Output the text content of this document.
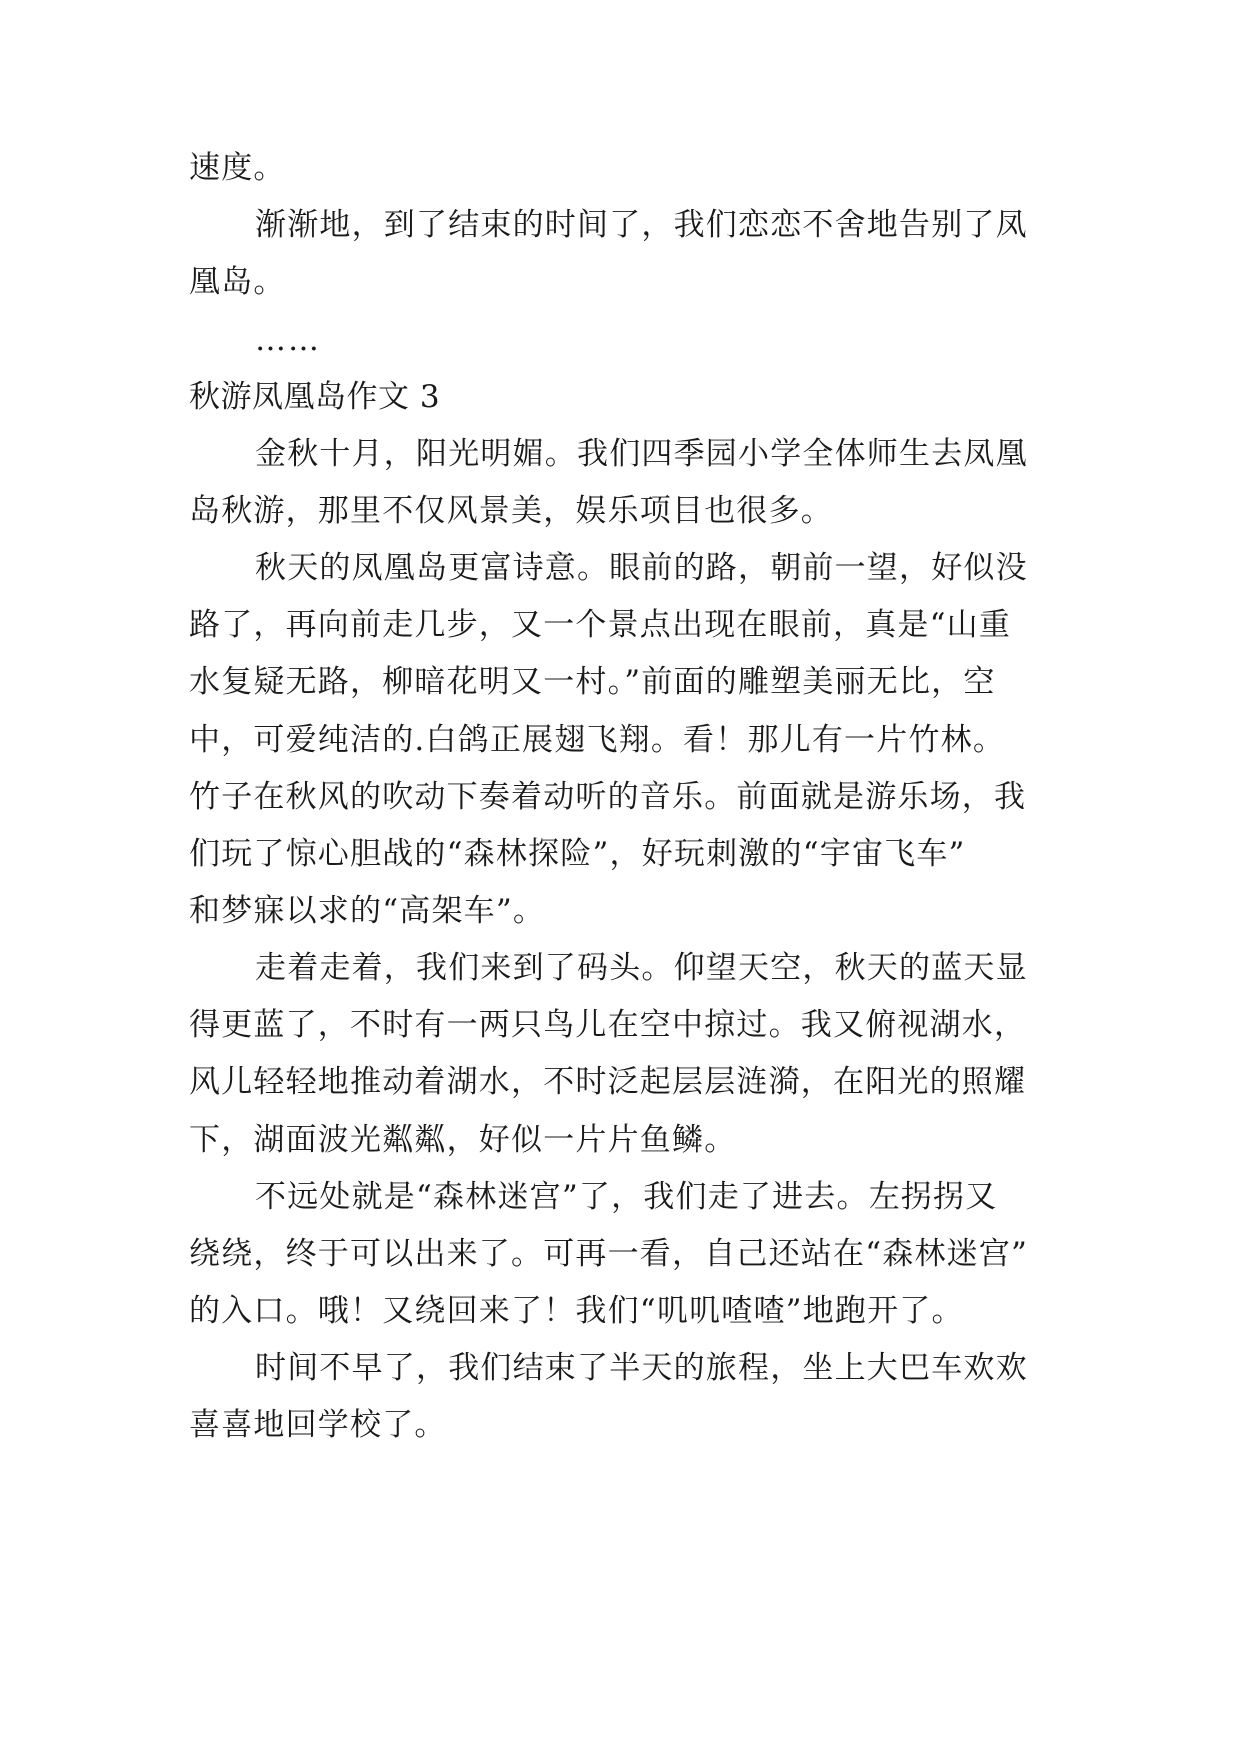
速度。
渐渐地，到了结束的时间了，我们恋恋不舍地告别了凤
凰岛。
……
秋游凤凰岛作文 3
金秋十月，阳光明媚。我们四季园小学全体师生去凤凰
岛秋游，那里不仅风景美，娱乐项目也很多。
秋天的凤凰岛更富诗意。眼前的路，朝前一望，好似没
路了，再向前走几步，又一个景点出现在眼前，真是“山重
水复疑无路，柳暗花明又一村。”前面的雕塑美丽无比，空
中，可爱纯洁的.白鸽正展翅飞翔。看！那儿有一片竹林。
竹子在秋风的吹动下奏着动听的音乐。前面就是游乐场，我
们玩了惊心胆战的“森林探险”，好玩刺激的“宇宙飞车”
和梦寐以求的“高架车”。
走着走着，我们来到了码头。仰望天空，秋天的蓝天显
得更蓝了，不时有一两只鸟儿在空中掠过。我又俯视湖水，
风儿轻轻地推动着湖水，不时泛起层层涟漪，在阳光的照耀
下，湖面波光粼粼，好似一片片鱼鳞。
不远处就是“森林迷宫”了，我们走了进去。左拐拐又
绕绕，终于可以出来了。可再一看，自己还站在“森林迷宫”
的入口。哦！又绕回来了！我们“叽叽喳喳”地跑开了。
时间不早了，我们结束了半天的旅程，坐上大巴车欢欢
喜喜地回学校了。
